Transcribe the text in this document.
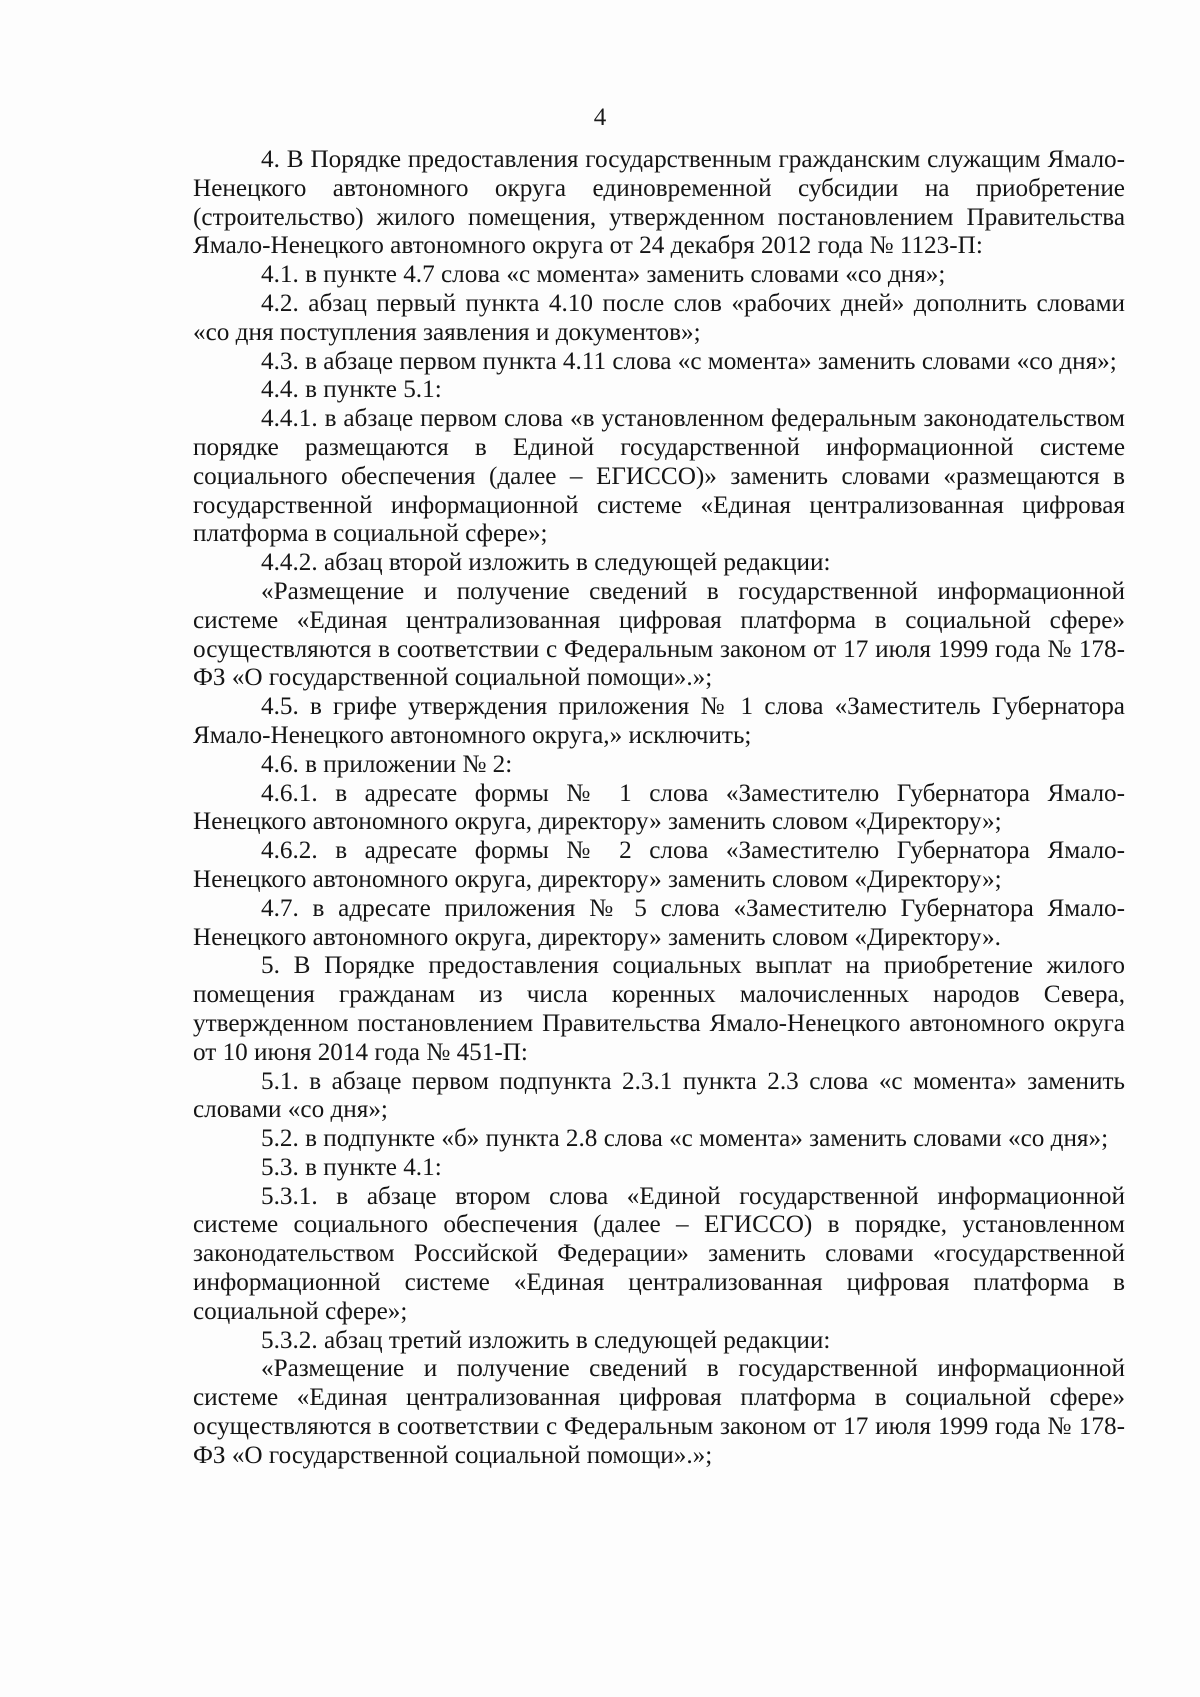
4

4. В Порядке предоставления государственным гражданским служащим Ямало-Ненецкого автономного округа единовременной субсидии на приобретение (строительство) жилого помещения, утвержденном постановлением Правительства Ямало-Ненецкого автономного округа от 24 декабря 2012 года № 1123-П:

4.1. в пункте 4.7 слова «с момента» заменить словами «со дня»;

4.2. абзац первый пункта 4.10 после слов «рабочих дней» дополнить словами «со дня поступления заявления и документов»;

4.3. в абзаце первом пункта 4.11 слова «с момента» заменить словами «со дня»;

4.4. в пункте 5.1:

4.4.1. в абзаце первом слова «в установленном федеральным законодательством порядке размещаются в Единой государственной информационной системе социального обеспечения (далее – ЕГИССО)» заменить словами «размещаются в государственной информационной системе «Единая централизованная цифровая платформа в социальной сфере»;

4.4.2. абзац второй изложить в следующей редакции:

«Размещение и получение сведений в государственной информационной системе «Единая централизованная цифровая платформа в социальной сфере» осуществляются в соответствии с Федеральным законом от 17 июля 1999 года № 178-ФЗ «О государственной социальной помощи».»;

4.5. в грифе утверждения приложения № 1 слова «Заместитель Губернатора Ямало-Ненецкого автономного округа,» исключить;

4.6. в приложении № 2:

4.6.1. в адресате формы № 1 слова «Заместителю Губернатора Ямало-Ненецкого автономного округа, директору» заменить словом «Директору»;

4.6.2. в адресате формы № 2 слова «Заместителю Губернатора Ямало-Ненецкого автономного округа, директору» заменить словом «Директору»;

4.7. в адресате приложения № 5 слова «Заместителю Губернатора Ямало-Ненецкого автономного округа, директору» заменить словом «Директору».

5. В Порядке предоставления социальных выплат на приобретение жилого помещения гражданам из числа коренных малочисленных народов Севера, утвержденном постановлением Правительства Ямало-Ненецкого автономного округа от 10 июня 2014 года № 451-П:

5.1. в абзаце первом подпункта 2.3.1 пункта 2.3 слова «с момента» заменить словами «со дня»;

5.2. в подпункте «б» пункта 2.8 слова «с момента» заменить словами «со дня»;

5.3. в пункте 4.1:

5.3.1. в абзаце втором слова «Единой государственной информационной системе социального обеспечения (далее – ЕГИССО) в порядке, установленном законодательством Российской Федерации» заменить словами «государственной информационной системе «Единая централизованная цифровая платформа в социальной сфере»;

5.3.2. абзац третий изложить в следующей редакции:

«Размещение и получение сведений в государственной информационной системе «Единая централизованная цифровая платформа в социальной сфере» осуществляются в соответствии с Федеральным законом от 17 июля 1999 года № 178-ФЗ «О государственной социальной помощи».»;
